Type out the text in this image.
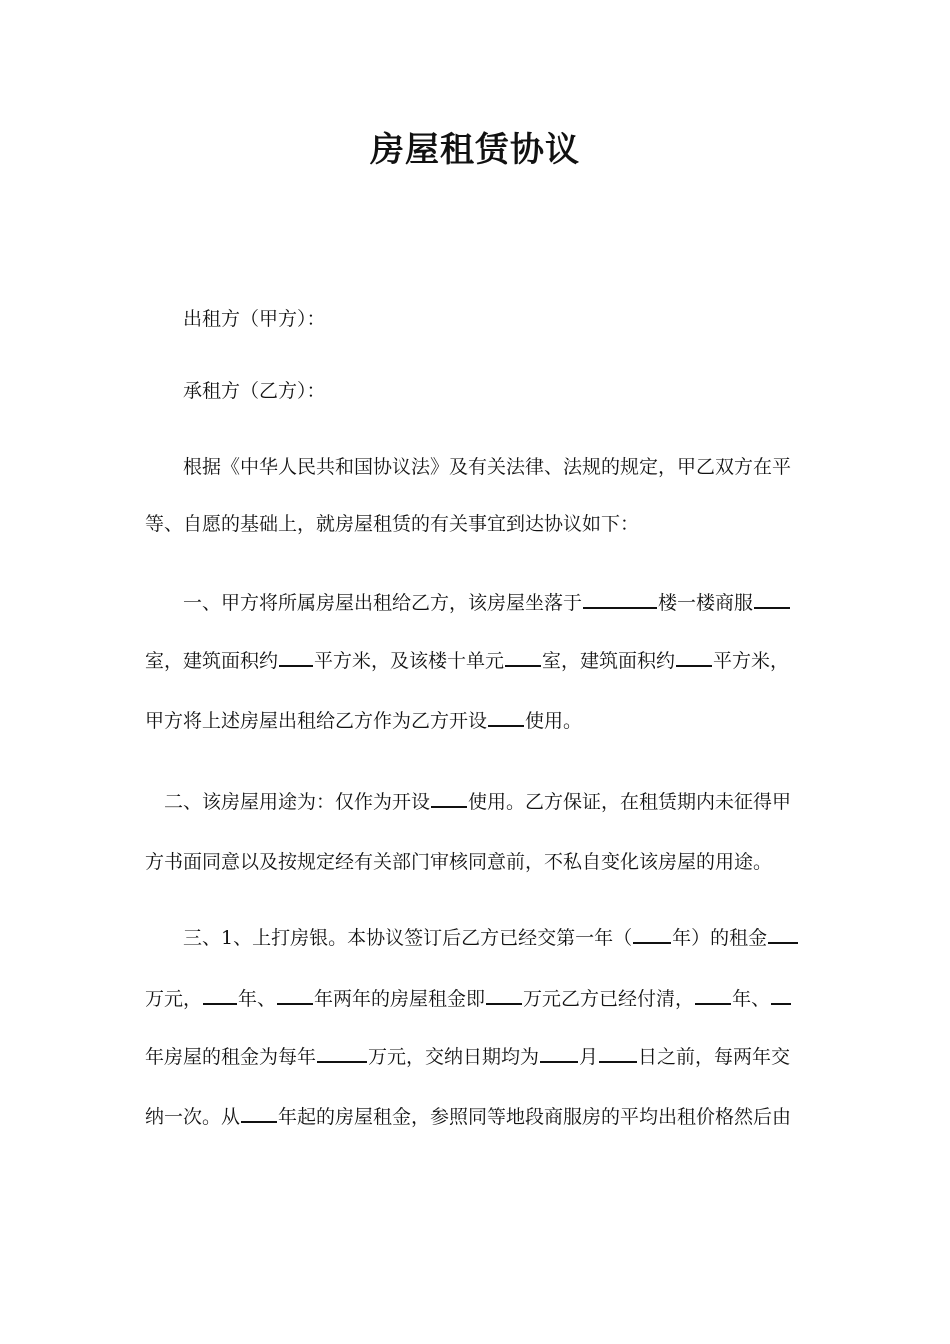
房屋租赁协议
出租方（甲方）：
承租方（乙方）：
根据《中华人民共和国协议法》及有关法律、法规的规定，甲乙双方在平
等、自愿的基础上，就房屋租赁的有关事宜到达协议如下：
一、甲方将所属房屋出租给乙方，该房屋坐落于	楼一楼商服
室，建筑面积约 平方米，及该楼十单元 室，建筑面积约 平方米，
甲方将上述房屋出租给乙方作为乙方开设 使用。
二、该房屋用途为：仅作为开设 使用。乙方保证，在租赁期内未征得甲
方书面同意以及按规定经有关部门审核同意前，不私自变化该房屋的用途。
三、1、上打房银。本协议签订后乙方已经交第一年（ 年）的租金
万元， 年、 年两年的房屋租金即 万元乙方已经付清， 年、
年房屋的租金为每年	万元，交纳日期均为 月 日之前，每两年交
纳一次。从 年起的房屋租金，参照同等地段商服房的平均出租价格然后由
